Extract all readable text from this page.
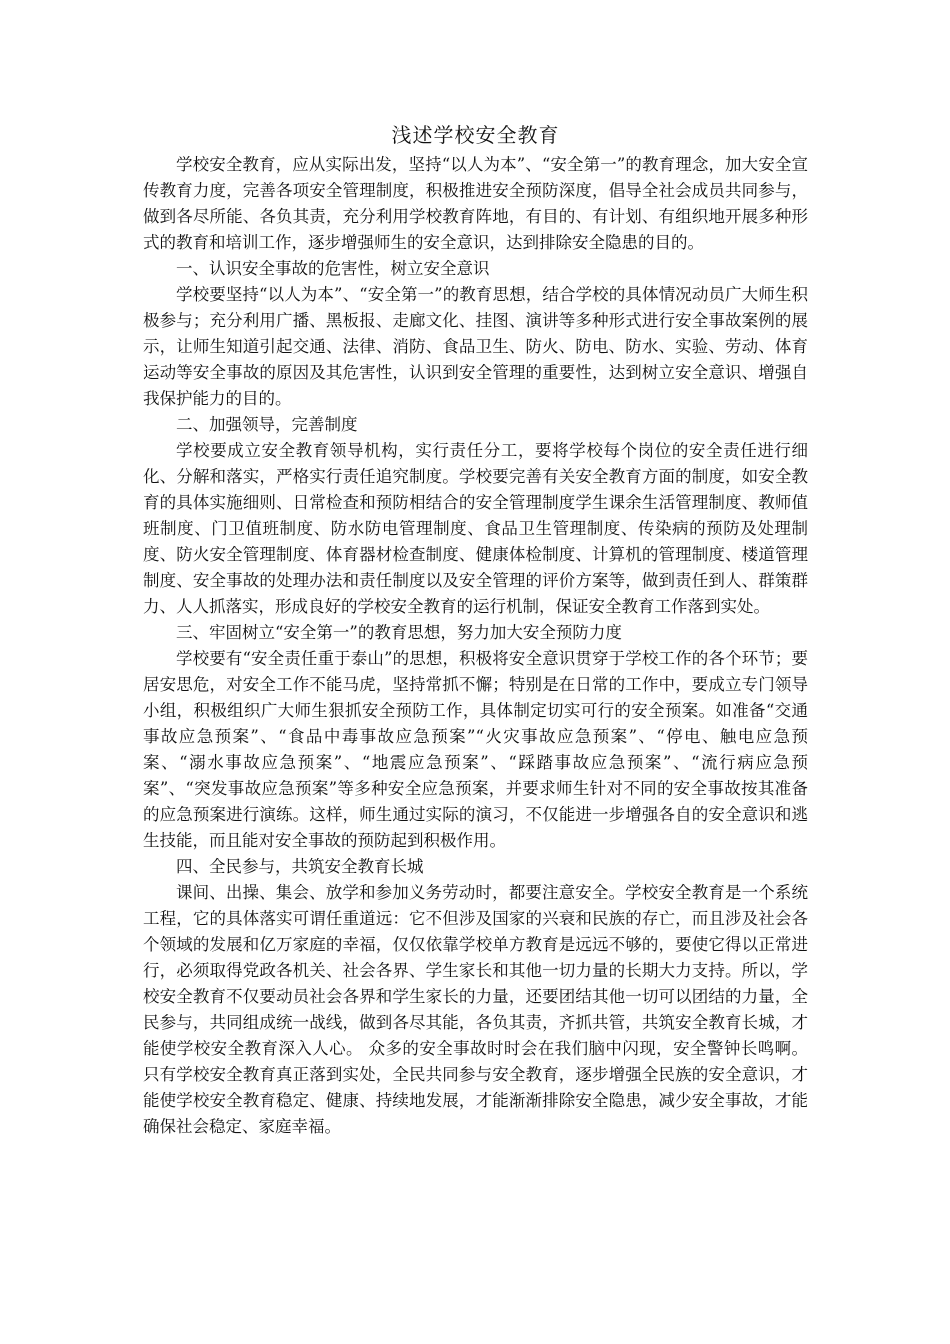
浅述学校安全教育

学校安全教育，应从实际出发，坚持“以人为本”、“安全第一”的教育理念，加大安全宣传教育力度，完善各项安全管理制度，积极推进安全预防深度，倡导全社会成员共同参与，做到各尽所能、各负其责，充分利用学校教育阵地，有目的、有计划、有组织地开展多种形式的教育和培训工作，逐步增强师生的安全意识，达到排除安全隐患的目的。

一、认识安全事故的危害性，树立安全意识

学校要坚持“以人为本”、“安全第一”的教育思想，结合学校的具体情况动员广大师生积极参与；充分利用广播、黑板报、走廊文化、挂图、演讲等多种形式进行安全事故案例的展示，让师生知道引起交通、法律、消防、食品卫生、防火、防电、防水、实验、劳动、体育运动等安全事故的原因及其危害性，认识到安全管理的重要性，达到树立安全意识、增强自我保护能力的目的。

二、加强领导，完善制度

学校要成立安全教育领导机构，实行责任分工，要将学校每个岗位的安全责任进行细化、分解和落实，严格实行责任追究制度。学校要完善有关安全教育方面的制度，如安全教育的具体实施细则、日常检查和预防相结合的安全管理制度学生课余生活管理制度、教师值班制度、门卫值班制度、防水防电管理制度、食品卫生管理制度、传染病的预防及处理制度、防火安全管理制度、体育器材检查制度、健康体检制度、计算机的管理制度、楼道管理制度、安全事故的处理办法和责任制度以及安全管理的评价方案等，做到责任到人、群策群力、人人抓落实，形成良好的学校安全教育的运行机制，保证安全教育工作落到实处。

三、牢固树立“安全第一”的教育思想，努力加大安全预防力度

学校要有“安全责任重于泰山”的思想，积极将安全意识贯穿于学校工作的各个环节；要居安思危，对安全工作不能马虎，坚持常抓不懈；特别是在日常的工作中，要成立专门领导小组，积极组织广大师生狠抓安全预防工作，具体制定切实可行的安全预案。如准备“交通事故应急预案”、“食品中毒事故应急预案”“火灾事故应急预案”、“停电、触电应急预案、“溺水事故应急预案”、“地震应急预案”、“踩踏事故应急预案”、“流行病应急预案”、“突发事故应急预案”等多种安全应急预案，并要求师生针对不同的安全事故按其准备的应急预案进行演练。这样，师生通过实际的演习，不仅能进一步增强各自的安全意识和逃生技能，而且能对安全事故的预防起到积极作用。

四、全民参与，共筑安全教育长城

课间、出操、集会、放学和参加义务劳动时，都要注意安全。学校安全教育是一个系统工程，它的具体落实可谓任重道远：它不但涉及国家的兴衰和民族的存亡，而且涉及社会各个领域的发展和亿万家庭的幸福，仅仅依靠学校单方教育是远远不够的，要使它得以正常进行，必须取得党政各机关、社会各界、学生家长和其他一切力量的长期大力支持。所以，学校安全教育不仅要动员社会各界和学生家长的力量，还要团结其他一切可以团结的力量，全民参与，共同组成统一战线，做到各尽其能，各负其责，齐抓共管，共筑安全教育长城，才能使学校安全教育深入人心。 众多的安全事故时时会在我们脑中闪现，安全警钟长鸣啊。只有学校安全教育真正落到实处，全民共同参与安全教育，逐步增强全民族的安全意识，才能使学校安全教育稳定、健康、持续地发展，才能渐渐排除安全隐患，减少安全事故，才能确保社会稳定、家庭幸福。
